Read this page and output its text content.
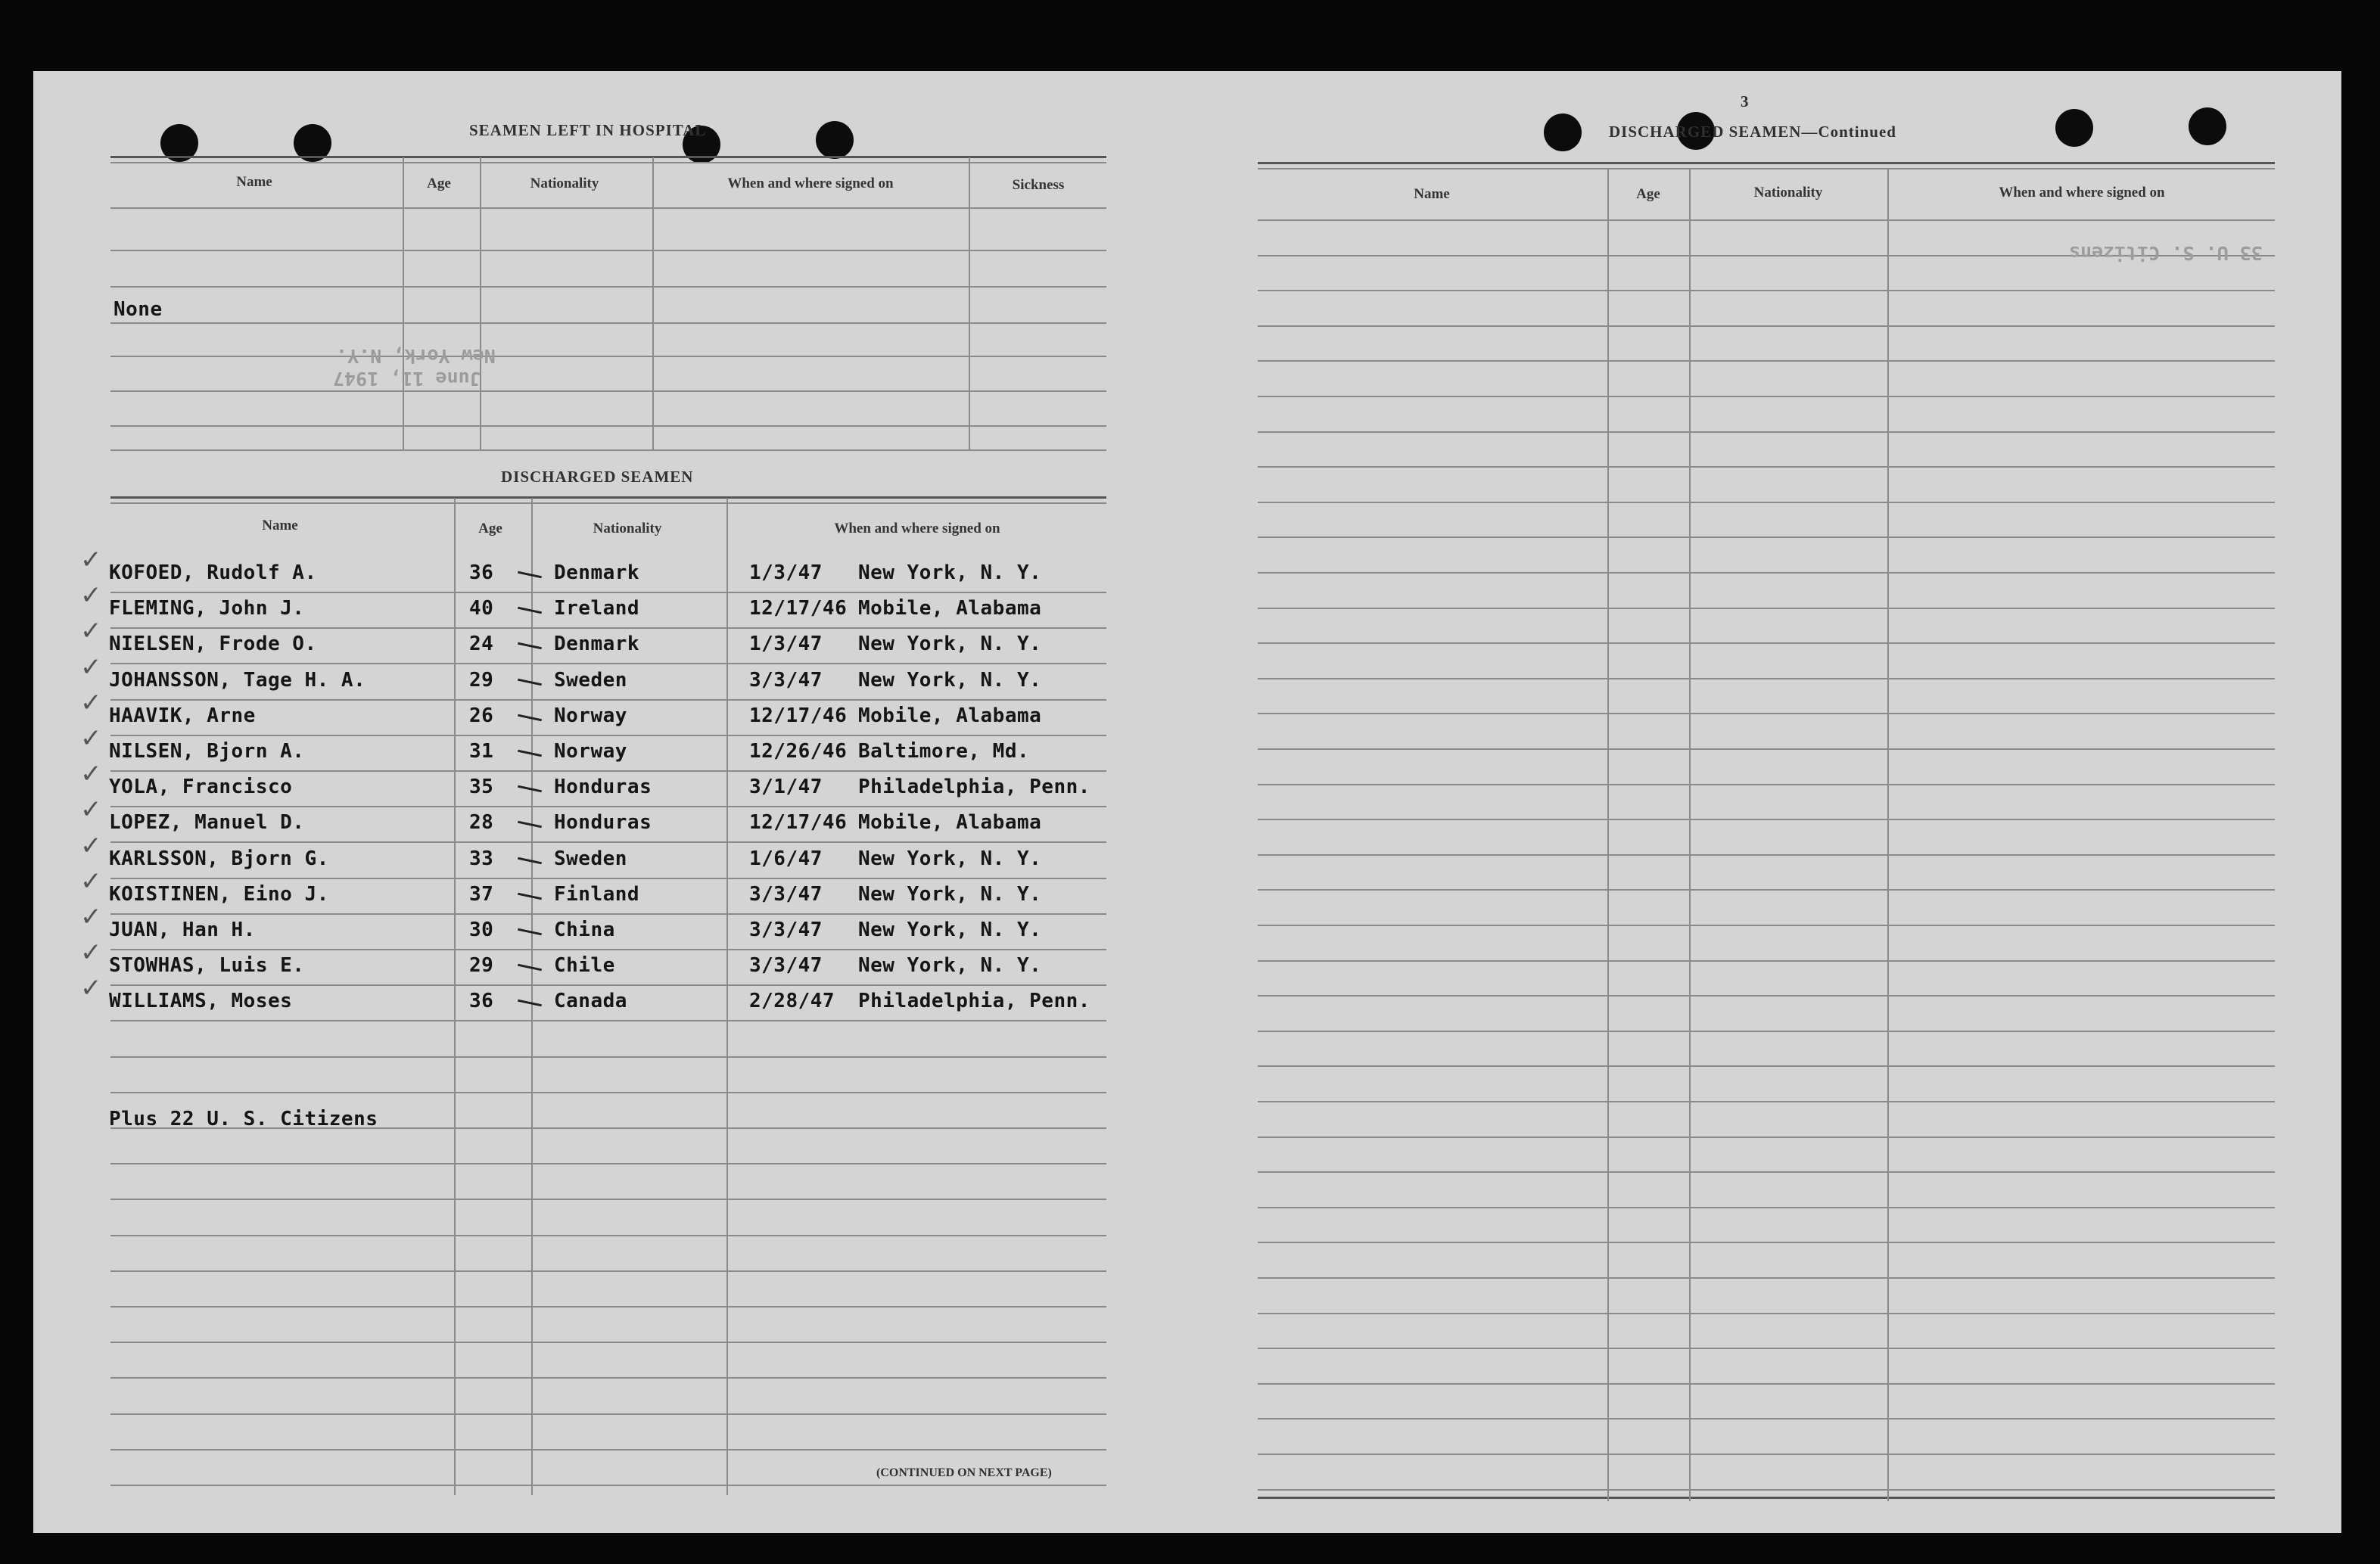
SEAMEN LEFT IN HOSPITAL
Name	Age	Nationality	When and where signed on	Sickness
None
New York, N.Y.
June 11, 1947
DISCHARGED SEAMEN
Name	Age	Nationality	When and where signed on
✓ KOFOED, Rudolf A.	36	Denmark	1/3/47 New York, N. Y.
✓ FLEMING, John J.	40	Ireland	12/17/46 Mobile, Alabama
✓ NIELSEN, Frode O.	24	Denmark	1/3/47 New York, N. Y.
✓ JOHANSSON, Tage H. A.	29	Sweden	3/3/47 New York, N. Y.
✓ HAAVIK, Arne	26	Norway	12/17/46 Mobile, Alabama
✓ NILSEN, Bjorn A.	31	Norway	12/26/46 Baltimore, Md.
✓ YOLA, Francisco	35	Honduras	3/1/47 Philadelphia, Penn.
✓ LOPEZ, Manuel D.	28	Honduras	12/17/46 Mobile, Alabama
✓ KARLSSON, Bjorn G.	33	Sweden	1/6/47 New York, N. Y.
✓ KOISTINEN, Eino J.	37	Finland	3/3/47 New York, N. Y.
✓ JUAN, Han H.	30	China	3/3/47 New York, N. Y.
✓ STOWHAS, Luis E.	29	Chile	3/3/47 New York, N. Y.
✓ WILLIAMS, Moses	36	Canada	2/28/47 Philadelphia, Penn.
Plus 22 U. S. Citizens
(CONTINUED ON NEXT PAGE)
3
DISCHARGED SEAMEN—Continued
Name	Age	Nationality	When and where signed on
33 U. S. Citizens
